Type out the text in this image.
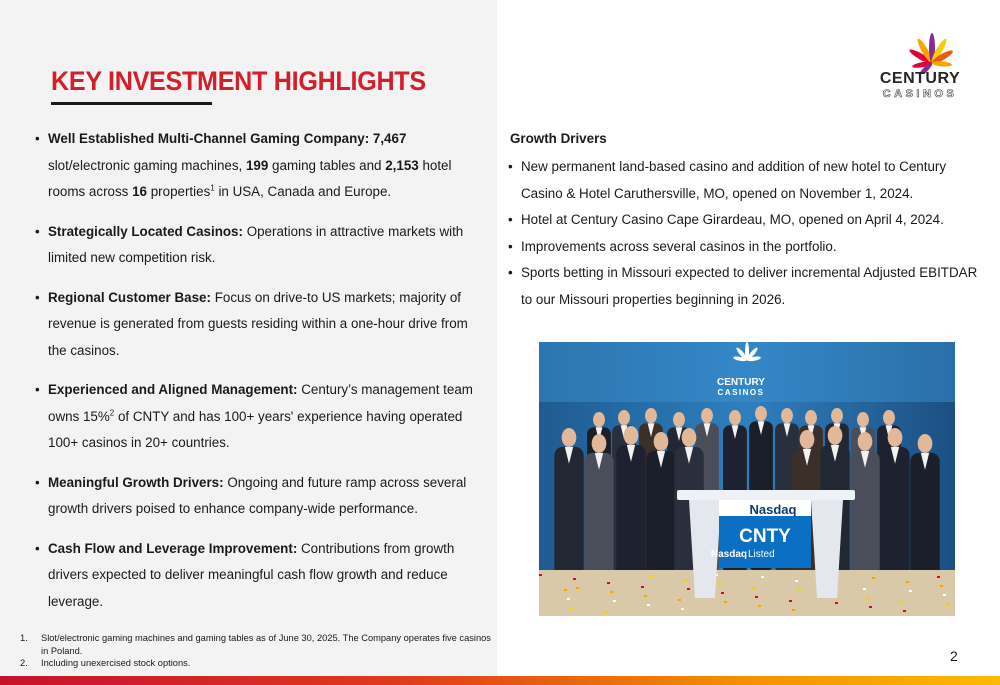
KEY INVESTMENT HIGHLIGHTS
• Well Established Multi-Channel Gaming Company: 7,467 slot/electronic gaming machines, 199 gaming tables and 2,153 hotel rooms across 16 properties$^1$ in USA, Canada and Europe.
• Strategically Located Casinos: Operations in attractive markets with limited new competition risk.
• Regional Customer Base: Focus on drive-to US markets; majority of revenue is generated from guests residing within a one-hour drive from the casinos.
• Experienced and Aligned Management: Century’s management team owns 15%$^2$ of CNTY and has 100+ years' experience having operated 100+ casinos in 20+ countries.
• Meaningful Growth Drivers: Ongoing and future ramp across several growth drivers poised to enhance company-wide performance.
• Cash Flow and Leverage Improvement: Contributions from growth drivers expected to deliver meaningful cash flow growth and reduce leverage.
1. Slot/electronic gaming machines and gaming tables as of June 30, 2025. The Company operates five casinos in Poland.
2. Including unexercised stock options.
CENTURY
CASINOS
Growth Drivers
• New permanent land-based casino and addition of new hotel to Century Casino & Hotel Caruthersville, MO, opened on November 1, 2024.
• Hotel at Century Casino Cape Girardeau, MO, opened on April 4, 2024.
• Improvements across several casinos in the portfolio.
• Sports betting in Missouri expected to deliver incremental Adjusted EBITDAR to our Missouri properties beginning in 2026.
CENTURY
CASINOS
Nasdaq
CNTY
Nasdaq Listed
2
